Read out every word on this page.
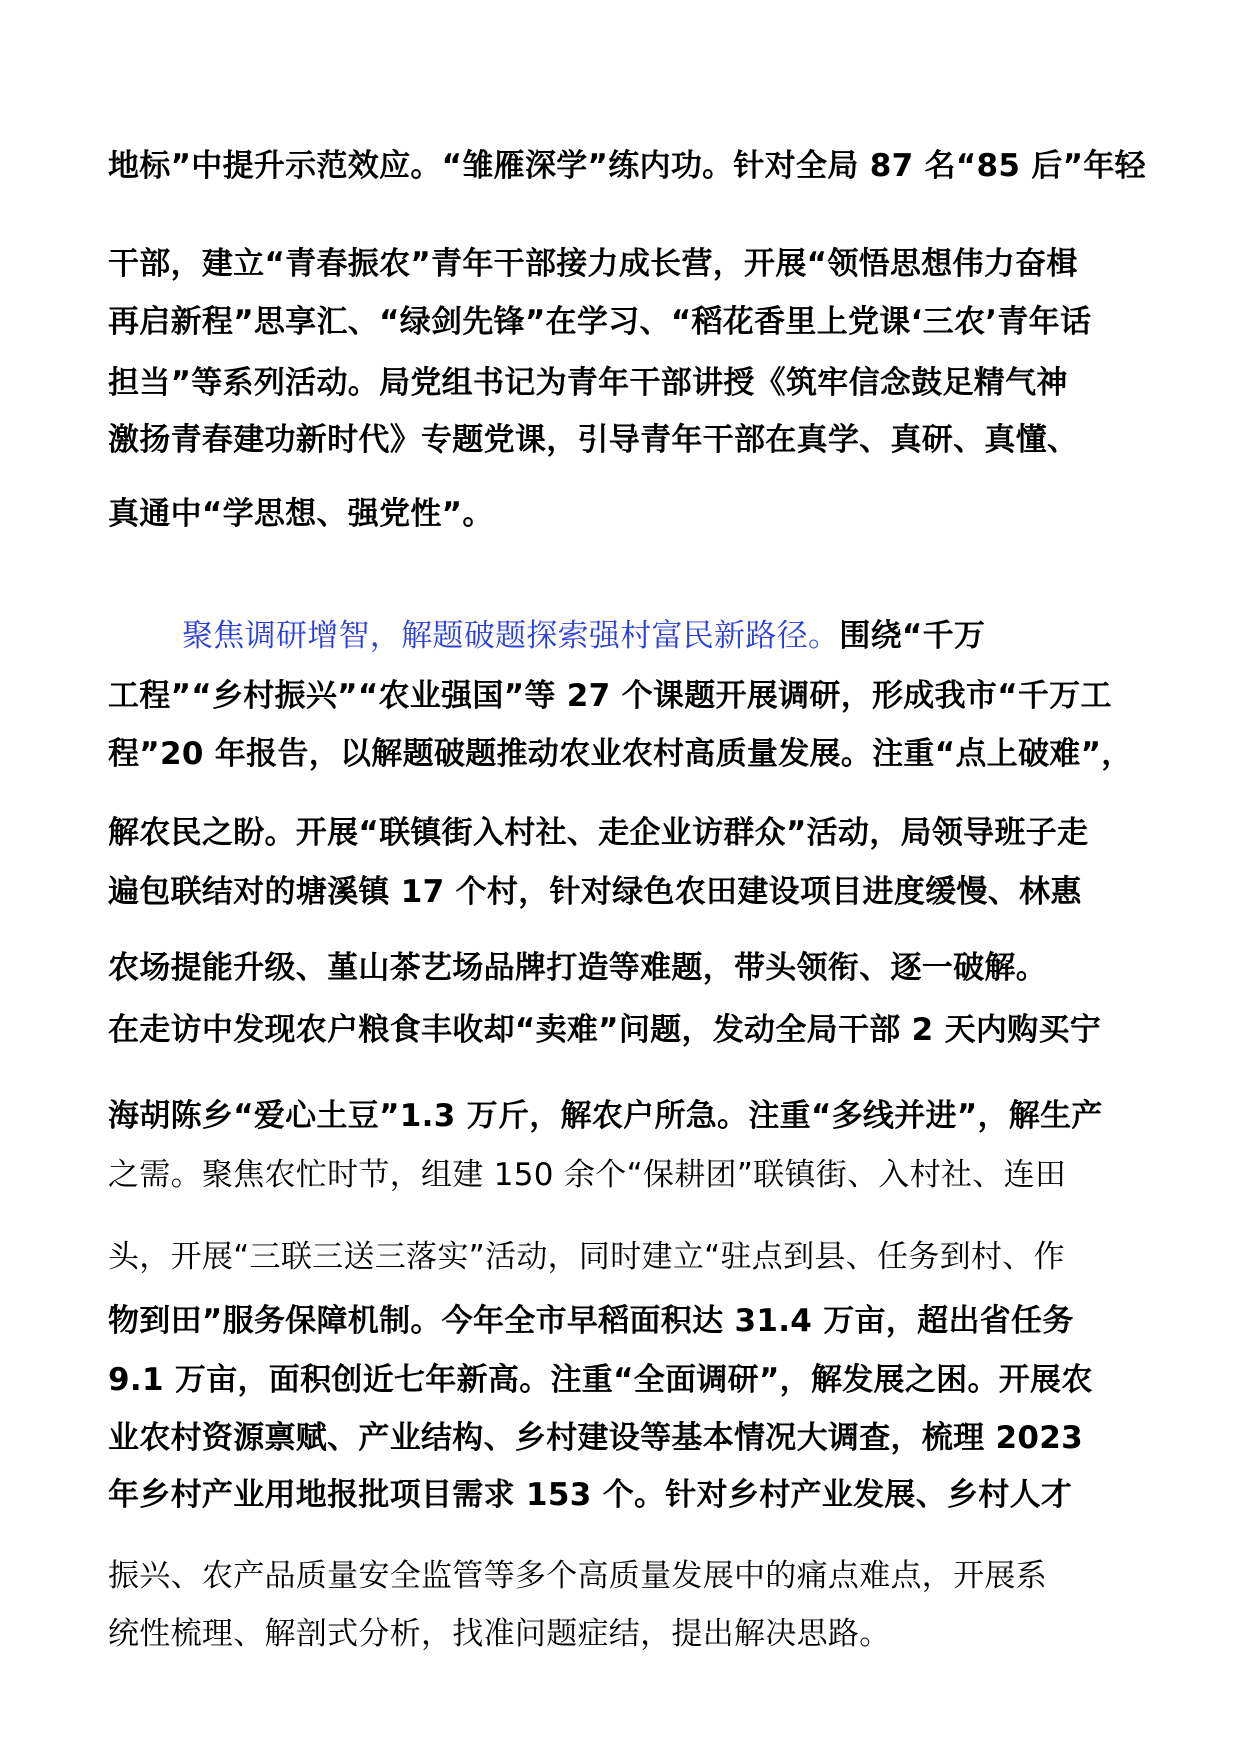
地标”中提升示范效应。“雏雁深学”练内功。针对全局 87 名“85 后”年轻
干部，建立“青春振农”青年干部接力成长营，开展“领悟思想伟力奋楫
再启新程”思享汇、“绿剑先锋”在学习、“稻花香里上党课‘三农’青年话
担当”等系列活动。局党组书记为青年干部讲授《筑牢信念鼓足精气神
激扬青春建功新时代》专题党课，引导青年干部在真学、真研、真懂、
真通中“学思想、强党性”。
聚焦调研增智，解题破题探索强村富民新路径。围绕“千万
工程”“乡村振兴”“农业强国”等 27 个课题开展调研，形成我市“千万工
程”20 年报告，以解题破题推动农业农村高质量发展。注重“点上破难”，
解农民之盼。开展“联镇街入村社、走企业访群众”活动，局领导班子走
遍包联结对的塘溪镇 17 个村，针对绿色农田建设项目进度缓慢、林惠
农场提能升级、堇山茶艺场品牌打造等难题，带头领衔、逐一破解。
在走访中发现农户粮食丰收却“卖难”问题，发动全局干部 2 天内购买宁
海胡陈乡“爱心土豆”1.3 万斤，解农户所急。注重“多线并进”，解生产
之需。聚焦农忙时节，组建 150 余个“保耕团”联镇街、入村社、连田
头，开展“三联三送三落实”活动，同时建立“驻点到县、任务到村、作
物到田”服务保障机制。今年全市早稻面积达 31.4 万亩，超出省任务
9.1 万亩，面积创近七年新高。注重“全面调研”，解发展之困。开展农
业农村资源禀赋、产业结构、乡村建设等基本情况大调查，梳理 2023
年乡村产业用地报批项目需求 153 个。针对乡村产业发展、乡村人才
振兴、农产品质量安全监管等多个高质量发展中的痛点难点，开展系
统性梳理、解剖式分析，找准问题症结，提出解决思路。
